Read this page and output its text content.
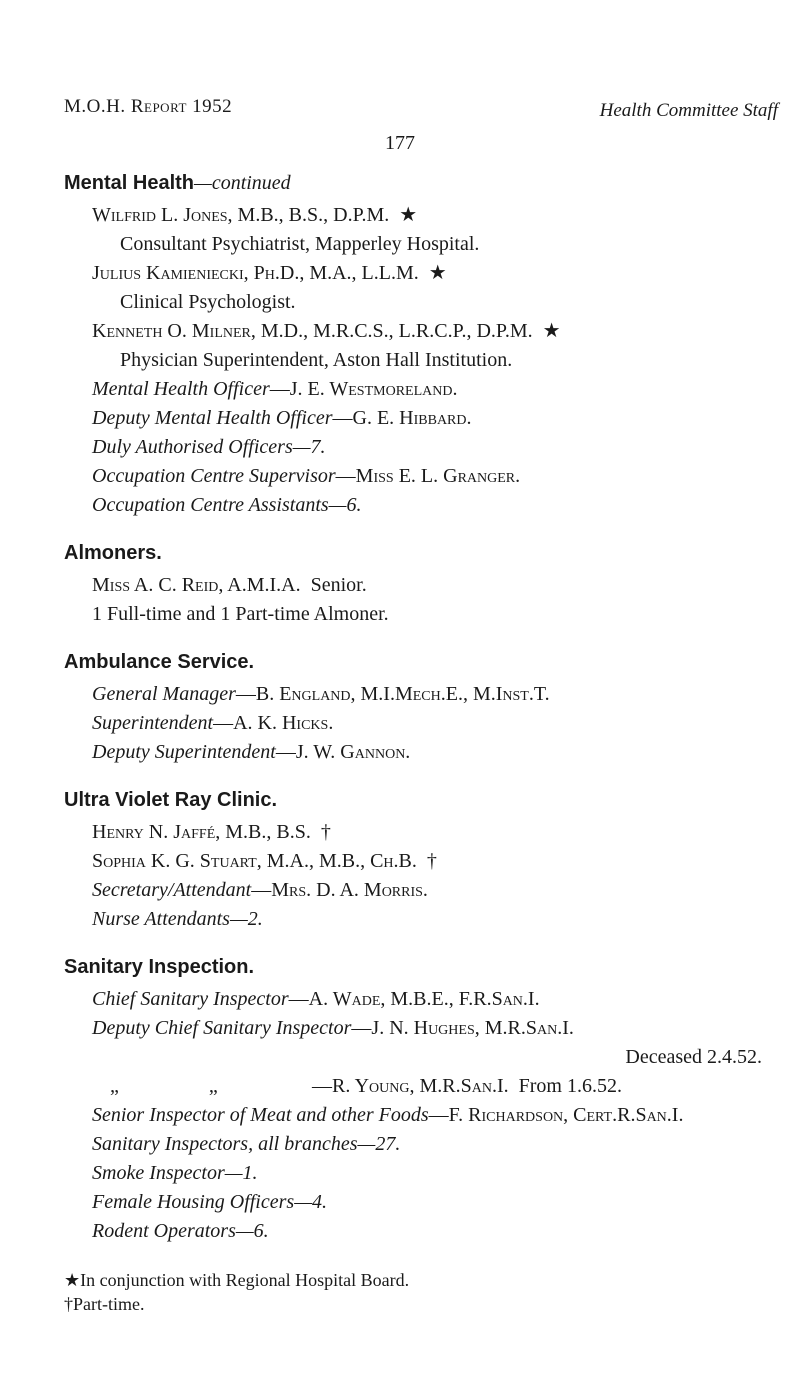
M.O.H. Report 1952	Health Committee Staff
177
Mental Health—continued
Wilfrid L. Jones, M.B., B.S., D.P.M. ★
Consultant Psychiatrist, Mapperley Hospital.
Julius Kamieniecki, Ph.D., M.A., L.L.M. ★
Clinical Psychologist.
Kenneth O. Milner, M.D., M.R.C.S., L.R.C.P., D.P.M. ★
Physician Superintendent, Aston Hall Institution.
Mental Health Officer—J. E. Westmoreland.
Deputy Mental Health Officer—G. E. Hibbard.
Duly Authorised Officers—7.
Occupation Centre Supervisor—Miss E. L. Granger.
Occupation Centre Assistants—6.
Almoners.
Miss A. C. Reid, A.M.I.A. Senior.
1 Full-time and 1 Part-time Almoner.
Ambulance Service.
General Manager—B. England, M.I.Mech.E., M.Inst.T.
Superintendent—A. K. Hicks.
Deputy Superintendent—J. W. Gannon.
Ultra Violet Ray Clinic.
Henry N. Jaffé, M.B., B.S. †
Sophia K. G. Stuart, M.A., M.B., Ch.B. †
Secretary/Attendant—Mrs. D. A. Morris.
Nurse Attendants—2.
Sanitary Inspection.
Chief Sanitary Inspector—A. Wade, M.B.E., F.R.San.I.
Deputy Chief Sanitary Inspector—J. N. Hughes, M.R.San.I.
Deceased 2.4.52.
„	„	—R. Young, M.R.San.I. From 1.6.52.
Senior Inspector of Meat and other Foods—F. Richardson, Cert.R.San.I.
Sanitary Inspectors, all branches—27.
Smoke Inspector—1.
Female Housing Officers—4.
Rodent Operators—6.
★In conjunction with Regional Hospital Board.
†Part-time.
